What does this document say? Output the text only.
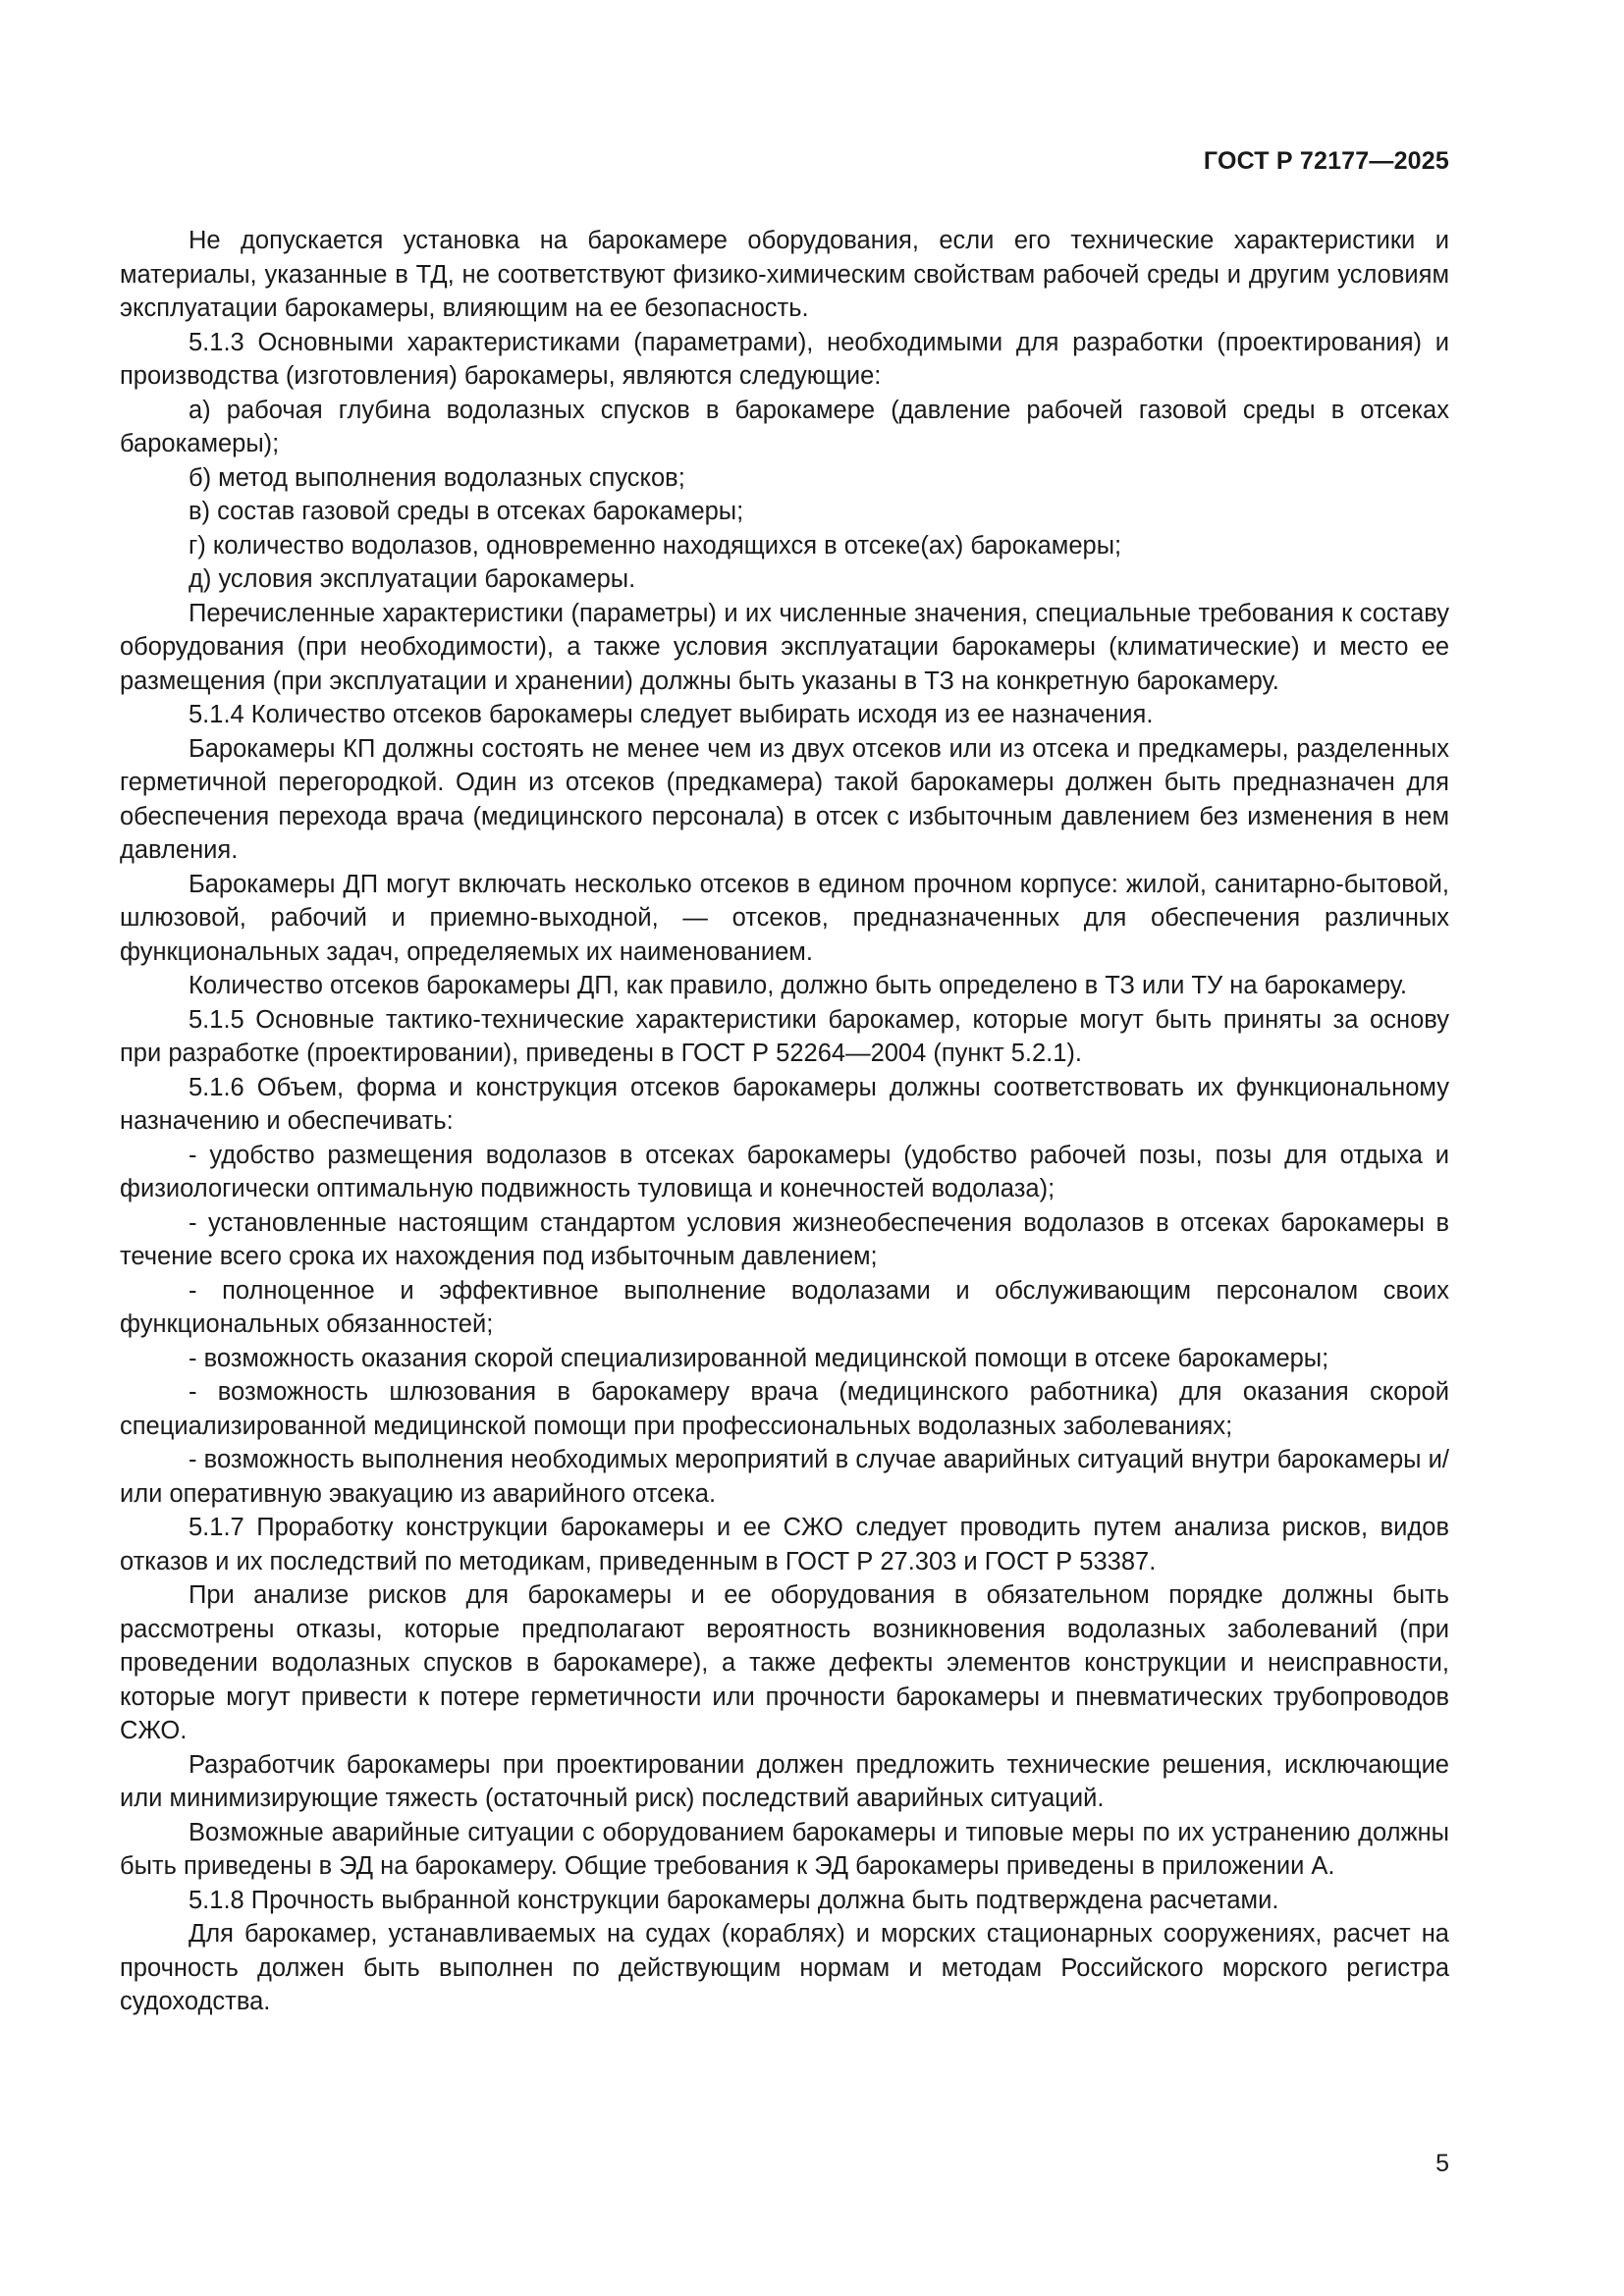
ГОСТ Р 72177—2025

Не допускается установка на барокамере оборудования, если его технические характеристики и материалы, указанные в ТД, не соответствуют физико-химическим свойствам рабочей среды и другим условиям эксплуатации барокамеры, влияющим на ее безопасность.

5.1.3 Основными характеристиками (параметрами), необходимыми для разработки (проектирования) и производства (изготовления) барокамеры, являются следующие:

а) рабочая глубина водолазных спусков в барокамере (давление рабочей газовой среды в отсеках барокамеры);

б) метод выполнения водолазных спусков;

в) состав газовой среды в отсеках барокамеры;

г) количество водолазов, одновременно находящихся в отсеке(ах) барокамеры;

д) условия эксплуатации барокамеры.

Перечисленные характеристики (параметры) и их численные значения, специальные требования к составу оборудования (при необходимости), а также условия эксплуатации барокамеры (климатические) и место ее размещения (при эксплуатации и хранении) должны быть указаны в ТЗ на конкретную барокамеру.

5.1.4 Количество отсеков барокамеры следует выбирать исходя из ее назначения.

Барокамеры КП должны состоять не менее чем из двух отсеков или из отсека и предкамеры, разделенных герметичной перегородкой. Один из отсеков (предкамера) такой барокамеры должен быть предназначен для обеспечения перехода врача (медицинского персонала) в отсек с избыточным давлением без изменения в нем давления.

Барокамеры ДП могут включать несколько отсеков в едином прочном корпусе: жилой, санитарно-бытовой, шлюзовой, рабочий и приемно-выходной, — отсеков, предназначенных для обеспечения различных функциональных задач, определяемых их наименованием.

Количество отсеков барокамеры ДП, как правило, должно быть определено в ТЗ или ТУ на барокамеру.

5.1.5 Основные тактико-технические характеристики барокамер, которые могут быть приняты за основу при разработке (проектировании), приведены в ГОСТ Р 52264—2004 (пункт 5.2.1).

5.1.6 Объем, форма и конструкция отсеков барокамеры должны соответствовать их функциональному назначению и обеспечивать:

- удобство размещения водолазов в отсеках барокамеры (удобство рабочей позы, позы для отдыха и физиологически оптимальную подвижность туловища и конечностей водолаза);

- установленные настоящим стандартом условия жизнеобеспечения водолазов в отсеках барокамеры в течение всего срока их нахождения под избыточным давлением;

- полноценное и эффективное выполнение водолазами и обслуживающим персоналом своих функциональных обязанностей;

- возможность оказания скорой специализированной медицинской помощи в отсеке барокамеры;

- возможность шлюзования в барокамеру врача (медицинского работника) для оказания скорой специализированной медицинской помощи при профессиональных водолазных заболеваниях;

- возможность выполнения необходимых мероприятий в случае аварийных ситуаций внутри барокамеры и/или оперативную эвакуацию из аварийного отсека.

5.1.7 Проработку конструкции барокамеры и ее СЖО следует проводить путем анализа рисков, видов отказов и их последствий по методикам, приведенным в ГОСТ Р 27.303 и ГОСТ Р 53387.

При анализе рисков для барокамеры и ее оборудования в обязательном порядке должны быть рассмотрены отказы, которые предполагают вероятность возникновения водолазных заболеваний (при проведении водолазных спусков в барокамере), а также дефекты элементов конструкции и неисправности, которые могут привести к потере герметичности или прочности барокамеры и пневматических трубопроводов СЖО.

Разработчик барокамеры при проектировании должен предложить технические решения, исключающие или минимизирующие тяжесть (остаточный риск) последствий аварийных ситуаций.

Возможные аварийные ситуации с оборудованием барокамеры и типовые меры по их устранению должны быть приведены в ЭД на барокамеру. Общие требования к ЭД барокамеры приведены в приложении А.

5.1.8 Прочность выбранной конструкции барокамеры должна быть подтверждена расчетами.

Для барокамер, устанавливаемых на судах (кораблях) и морских стационарных сооружениях, расчет на прочность должен быть выполнен по действующим нормам и методам Российского морского регистра судоходства.

5
